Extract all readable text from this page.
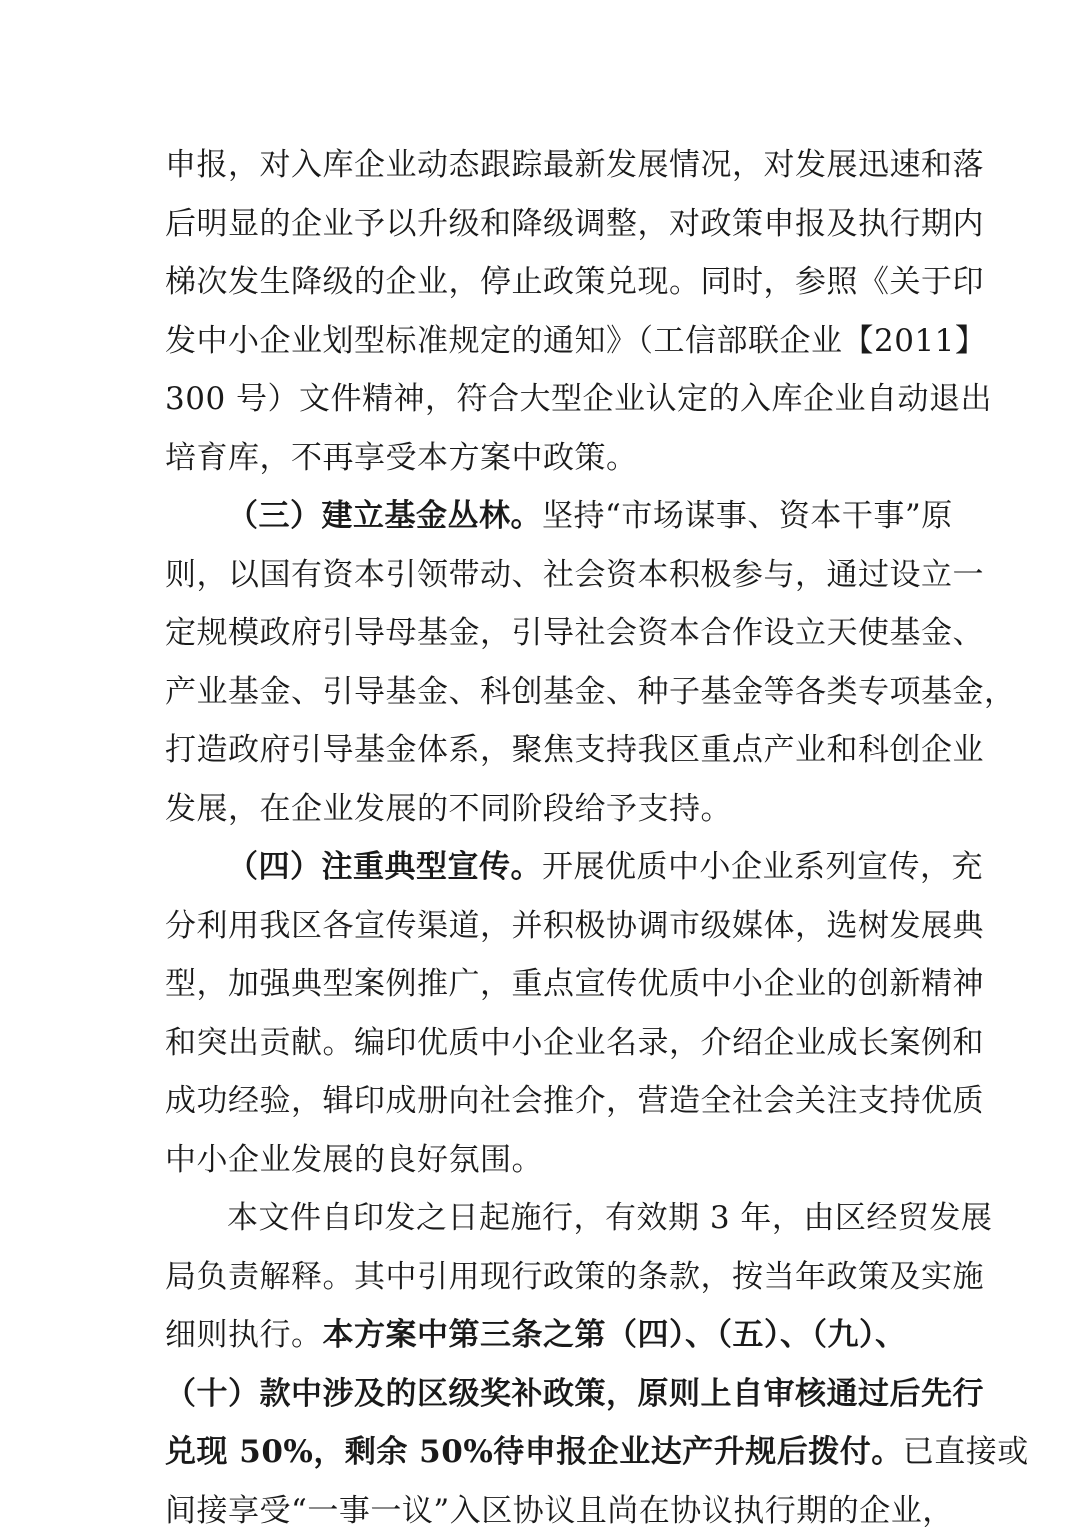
申报，对入库企业动态跟踪最新发展情况，对发展迅速和落
后明显的企业予以升级和降级调整，对政策申报及执行期内
梯次发生降级的企业，停止政策兑现。同时，参照《关于印
发中小企业划型标准规定的通知》（工信部联企业【2011】
300 号）文件精神，符合大型企业认定的入库企业自动退出
培育库，不再享受本方案中政策。
（三）建立基金丛林。坚持“市场谋事、资本干事”原
则，以国有资本引领带动、社会资本积极参与，通过设立一
定规模政府引导母基金，引导社会资本合作设立天使基金、
产业基金、引导基金、科创基金、种子基金等各类专项基金，
打造政府引导基金体系，聚焦支持我区重点产业和科创企业
发展，在企业发展的不同阶段给予支持。
（四）注重典型宣传。开展优质中小企业系列宣传，充
分利用我区各宣传渠道，并积极协调市级媒体，选树发展典
型，加强典型案例推广，重点宣传优质中小企业的创新精神
和突出贡献。编印优质中小企业名录，介绍企业成长案例和
成功经验，辑印成册向社会推介，营造全社会关注支持优质
中小企业发展的良好氛围。
本文件自印发之日起施行，有效期 3 年，由区经贸发展
局负责解释。其中引用现行政策的条款，按当年政策及实施
细则执行。本方案中第三条之第（四）、（五）、（九）、
（十）款中涉及的区级奖补政策，原则上自审核通过后先行
兑现 50%，剩余 50%待申报企业达产升规后拨付。已直接或
间接享受“一事一议”入区协议且尚在协议执行期的企业，
